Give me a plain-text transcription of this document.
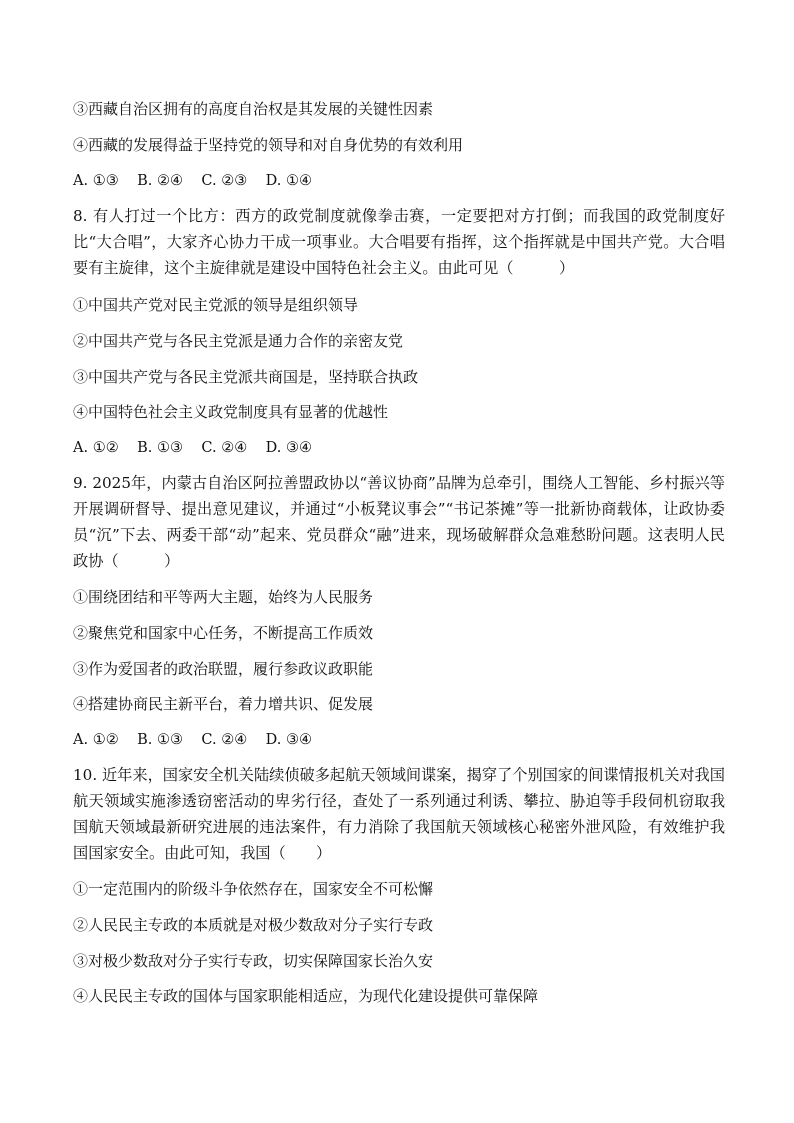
③西藏自治区拥有的高度自治权是其发展的关键性因素
④西藏的发展得益于坚持党的领导和对自身优势的有效利用
A. ①③    B. ②④    C. ②③    D. ①④
8. 有人打过一个比方：西方的政党制度就像拳击赛，一定要把对方打倒；而我国的政党制度好比“大合唱”，大家齐心协力干成一项事业。大合唱要有指挥，这个指挥就是中国共产党。大合唱要有主旋律，这个主旋律就是建设中国特色社会主义。由此可见（　　　）
①中国共产党对民主党派的领导是组织领导
②中国共产党与各民主党派是通力合作的亲密友党
③中国共产党与各民主党派共商国是，坚持联合执政
④中国特色社会主义政党制度具有显著的优越性
A. ①②    B. ①③    C. ②④    D. ③④
9. 2025年，内蒙古自治区阿拉善盟政协以“善议协商”品牌为总牵引，围绕人工智能、乡村振兴等开展调研督导、提出意见建议，并通过“小板凳议事会”“书记茶摊”等一批新协商载体，让政协委员“沉”下去、两委干部“动”起来、党员群众“融”进来，现场破解群众急难愁盼问题。这表明人民政协（　　　）
①围绕团结和平等两大主题，始终为人民服务
②聚焦党和国家中心任务，不断提高工作质效
③作为爱国者的政治联盟，履行参政议政职能
④搭建协商民主新平台，着力增共识、促发展
A. ①②    B. ①③    C. ②④    D. ③④
10. 近年来，国家安全机关陆续侦破多起航天领域间谍案，揭穿了个别国家的间谍情报机关对我国航天领域实施渗透窃密活动的卑劣行径，查处了一系列通过利诱、攀拉、胁迫等手段伺机窃取我国航天领域最新研究进展的违法案件，有力消除了我国航天领域核心秘密外泄风险，有效维护我国国家安全。由此可知，我国（　　）
①一定范围内的阶级斗争依然存在，国家安全不可松懈
②人民民主专政的本质就是对极少数敌对分子实行专政
③对极少数敌对分子实行专政，切实保障国家长治久安
④人民民主专政的国体与国家职能相适应，为现代化建设提供可靠保障
